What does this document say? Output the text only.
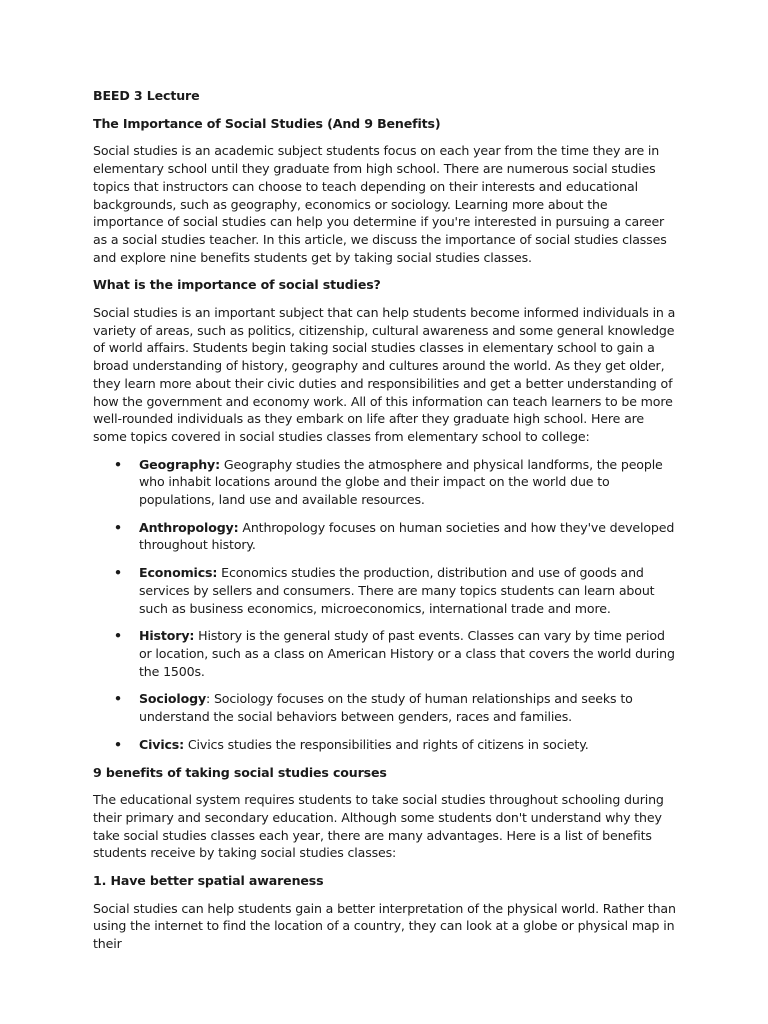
BEED 3 Lecture

The Importance of Social Studies (And 9 Benefits)

Social studies is an academic subject students focus on each year from the time they are in elementary school until they graduate from high school. There are numerous social studies topics that instructors can choose to teach depending on their interests and educational backgrounds, such as geography, economics or sociology. Learning more about the importance of social studies can help you determine if you're interested in pursuing a career as a social studies teacher. In this article, we discuss the importance of social studies classes and explore nine benefits students get by taking social studies classes.

What is the importance of social studies?

Social studies is an important subject that can help students become informed individuals in a variety of areas, such as politics, citizenship, cultural awareness and some general knowledge of world affairs. Students begin taking social studies classes in elementary school to gain a broad understanding of history, geography and cultures around the world. As they get older, they learn more about their civic duties and responsibilities and get a better understanding of how the government and economy work. All of this information can teach learners to be more well-rounded individuals as they embark on life after they graduate high school. Here are some topics covered in social studies classes from elementary school to college:

• Geography: Geography studies the atmosphere and physical landforms, the people who inhabit locations around the globe and their impact on the world due to populations, land use and available resources.
• Anthropology: Anthropology focuses on human societies and how they've developed throughout history.
• Economics: Economics studies the production, distribution and use of goods and services by sellers and consumers. There are many topics students can learn about such as business economics, microeconomics, international trade and more.
• History: History is the general study of past events. Classes can vary by time period or location, such as a class on American History or a class that covers the world during the 1500s.
• Sociology: Sociology focuses on the study of human relationships and seeks to understand the social behaviors between genders, races and families.
• Civics: Civics studies the responsibilities and rights of citizens in society.

9 benefits of taking social studies courses

The educational system requires students to take social studies throughout schooling during their primary and secondary education. Although some students don't understand why they take social studies classes each year, there are many advantages. Here is a list of benefits students receive by taking social studies classes:

1. Have better spatial awareness

Social studies can help students gain a better interpretation of the physical world. Rather than using the internet to find the location of a country, they can look at a globe or physical map in their
